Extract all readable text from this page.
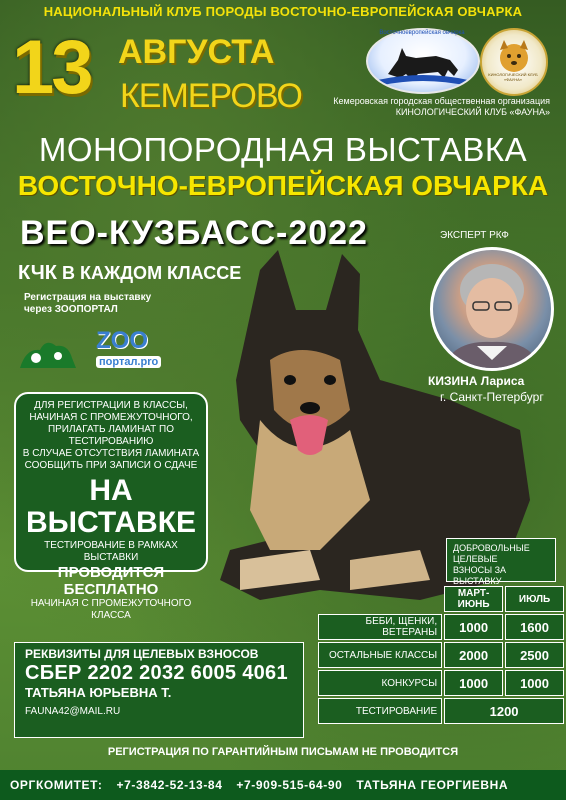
НАЦИОНАЛЬНЫЙ КЛУБ ПОРОДЫ ВОСТОЧНО-ЕВРОПЕЙСКАЯ ОВЧАРКА
13 АВГУСТА
КЕМЕРОВО
Восточноевропейская овчарка
КИНОЛОГИЧЕСКИЙ КЛУБ «ФАУНА»
Кемеровская городская общественная организация
КИНОЛОГИЧЕСКИЙ КЛУБ «ФАУНА»
МОНОПОРОДНАЯ ВЫСТАВКА
ВОСТОЧНО-ЕВРОПЕЙСКАЯ ОВЧАРКА
ВЕО-КУЗБАСС-2022
КЧК В КАЖДОМ КЛАССЕ
Регистрация на выставку
через ЗООПОРТАЛ
ZOO
портал.pro
ЭКСПЕРТ РКФ
КИЗИНА Лариса
г. Санкт-Петербург
ДЛЯ РЕГИСТРАЦИИ В КЛАССЫ,
НАЧИНАЯ С ПРОМЕЖУТОЧНОГО,
ПРИЛАГАТЬ ЛАМИНАТ ПО ТЕСТИРОВАНИЮ
В СЛУЧАЕ ОТСУТСТВИЯ ЛАМИНАТА
СООБЩИТЬ ПРИ ЗАПИСИ О СДАЧЕ
НА ВЫСТАВКЕ
ТЕСТИРОВАНИЕ В РАМКАХ ВЫСТАВКИ
ПРОВОДИТСЯ БЕСПЛАТНО
НАЧИНАЯ С ПРОМЕЖУТОЧНОГО КЛАССА
ДОБРОВОЛЬНЫЕ ЦЕЛЕВЫЕ
ВЗНОСЫ ЗА ВЫСТАВКУ
	МАРТ-ИЮНЬ	ИЮЛЬ
БЕБИ, ЩЕНКИ, ВЕТЕРАНЫ	1000	1600
ОСТАЛЬНЫЕ КЛАССЫ	2000	2500
КОНКУРСЫ	1000	1000
ТЕСТИРОВАНИЕ	1200	
РЕКВИЗИТЫ ДЛЯ ЦЕЛЕВЫХ ВЗНОСОВ
СБЕР 2202 2032 6005 4061
ТАТЬЯНА ЮРЬЕВНА Т.
FAUNA42@MAIL.RU
РЕГИСТРАЦИЯ ПО ГАРАНТИЙНЫМ ПИСЬМАМ НЕ ПРОВОДИТСЯ
ОРГКОМИТЕТ: +7-3842-52-13-84 +7-909-515-64-90 ТАТЬЯНА ГЕОРГИЕВНА
